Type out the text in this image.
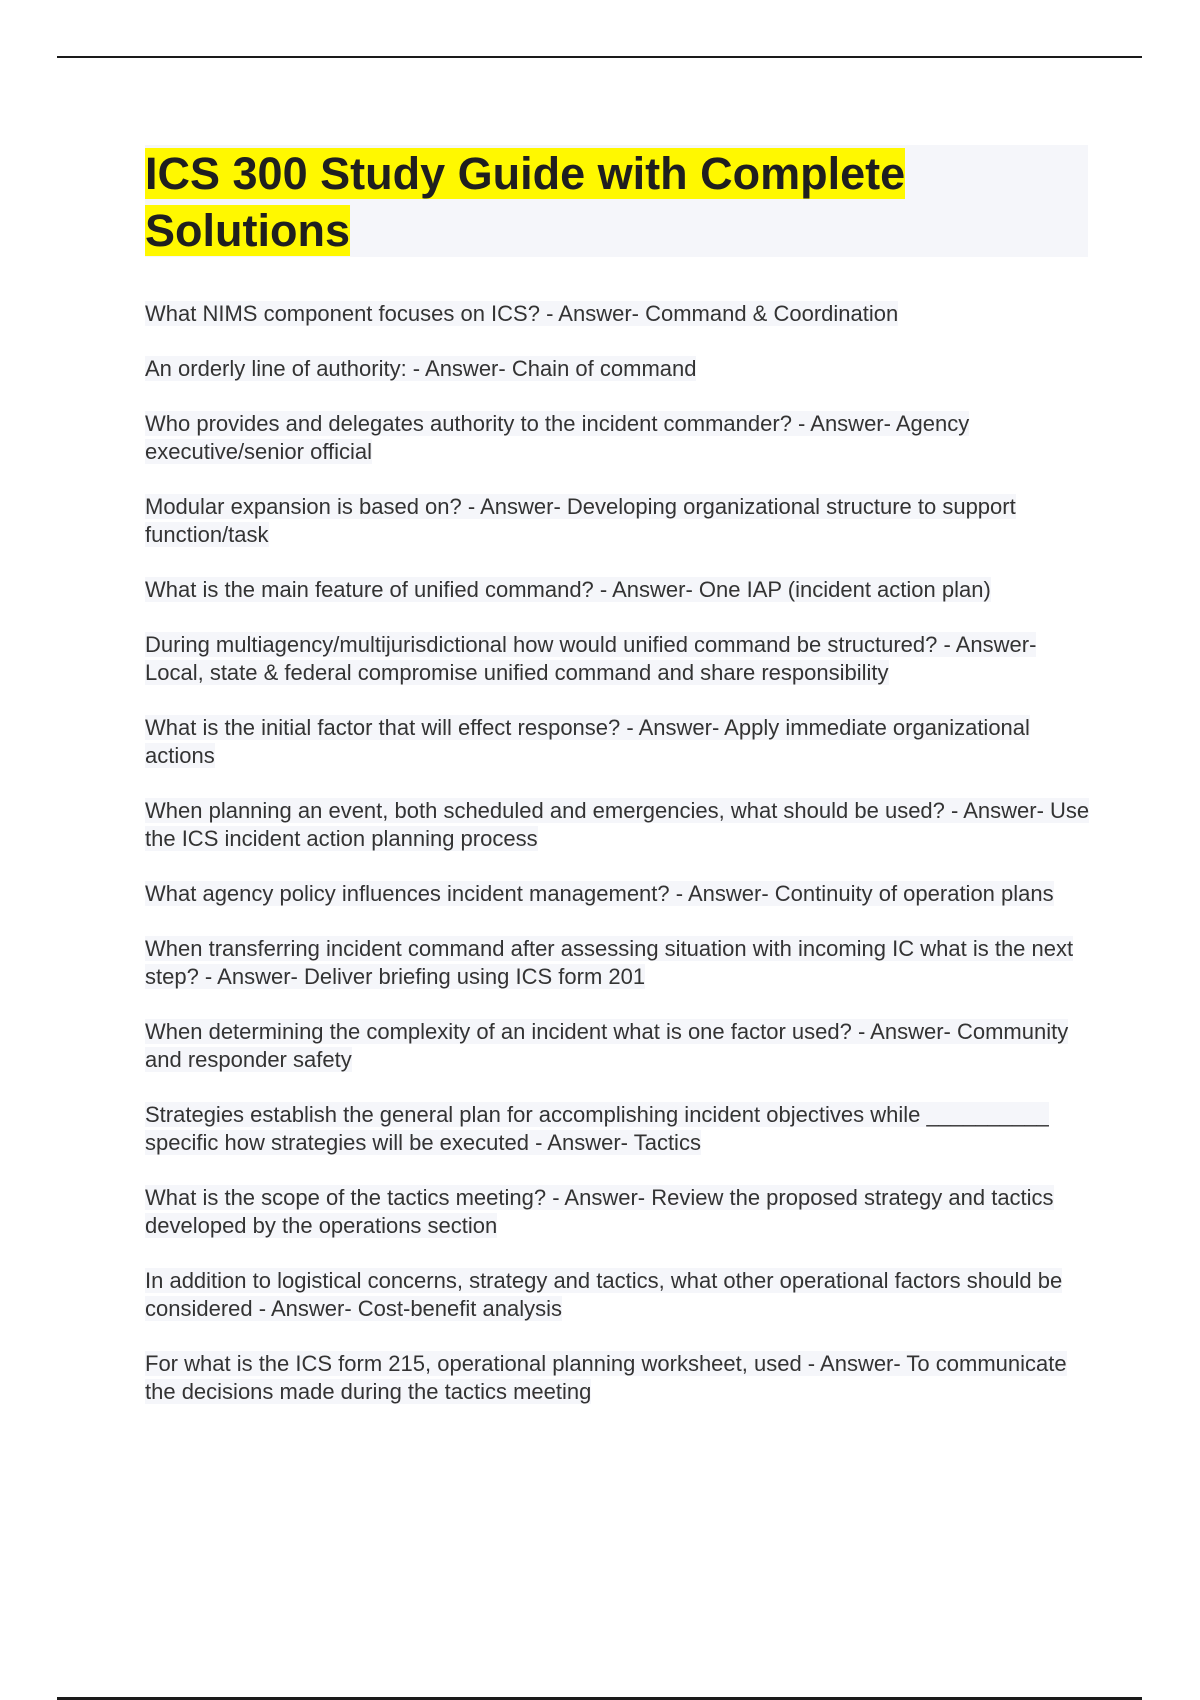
ICS 300 Study Guide with Complete Solutions

What NIMS component focuses on ICS? - Answer- Command & Coordination

An orderly line of authority: - Answer- Chain of command

Who provides and delegates authority to the incident commander? - Answer- Agency executive/senior official

Modular expansion is based on? - Answer- Developing organizational structure to support function/task

What is the main feature of unified command? - Answer- One IAP (incident action plan)

During multiagency/multijurisdictional how would unified command be structured? - Answer- Local, state & federal compromise unified command and share responsibility

What is the initial factor that will effect response? - Answer- Apply immediate organizational actions

When planning an event, both scheduled and emergencies, what should be used? - Answer- Use the ICS incident action planning process

What agency policy influences incident management? - Answer- Continuity of operation plans

When transferring incident command after assessing situation with incoming IC what is the next step? - Answer- Deliver briefing using ICS form 201

When determining the complexity of an incident what is one factor used? - Answer- Community and responder safety

Strategies establish the general plan for accomplishing incident objectives while __________ specific how strategies will be executed - Answer- Tactics

What is the scope of the tactics meeting? - Answer- Review the proposed strategy and tactics developed by the operations section

In addition to logistical concerns, strategy and tactics, what other operational factors should be considered - Answer- Cost-benefit analysis

For what is the ICS form 215, operational planning worksheet, used - Answer- To communicate the decisions made during the tactics meeting
